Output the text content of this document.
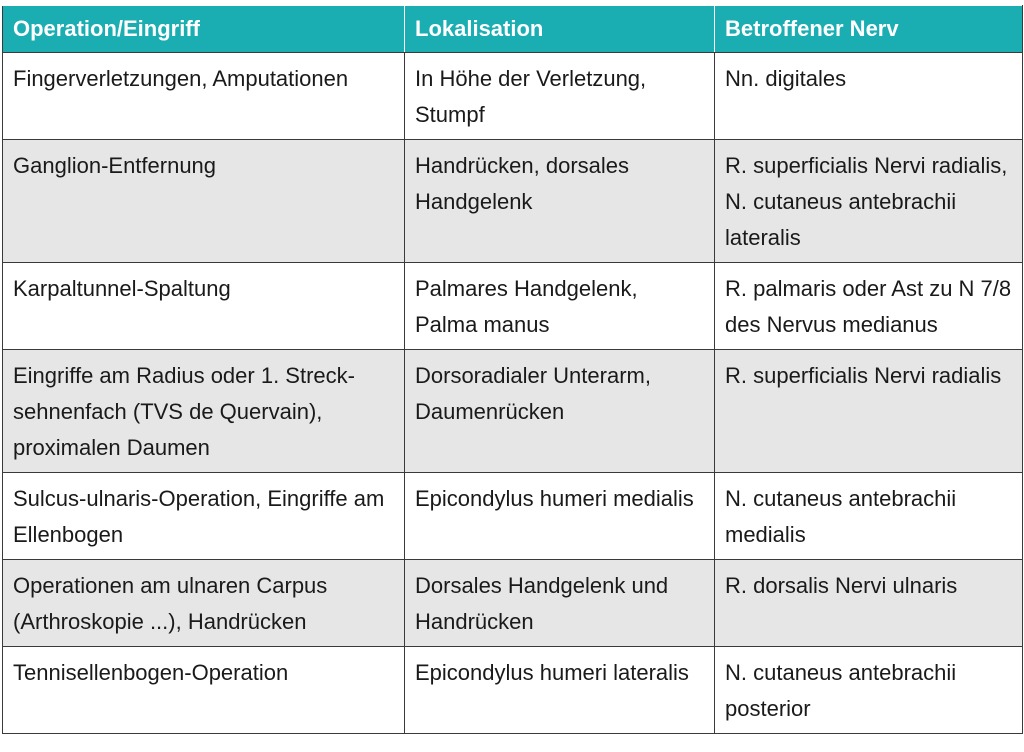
Operation/Eingriff	Lokalisation	Betroffener Nerv
Fingerverletzungen, Amputationen	In Höhe der Verletzung, Stumpf	Nn. digitales
Ganglion-Entfernung	Handrücken, dorsales Handgelenk	R. superficialis Nervi radialis, N. cutaneus antebrachii lateralis
Karpaltunnel-Spaltung	Palmares Handgelenk, Palma manus	R. palmaris oder Ast zu N 7/8 des Nervus medianus
Eingriffe am Radius oder 1. Streck-sehnenfach (TVS de Quervain), proximalen Daumen	Dorsoradialer Unterarm, Daumenrücken	R. superficialis Nervi radialis
Sulcus-ulnaris-Operation, Eingriffe am Ellenbogen	Epicondylus humeri medialis	N. cutaneus antebrachii medialis
Operationen am ulnaren Carpus (Arthroskopie ...), Handrücken	Dorsales Handgelenk und Handrücken	R. dorsalis Nervi ulnaris
Tennisellenbogen-Operation	Epicondylus humeri lateralis	N. cutaneus antebrachii posterior
